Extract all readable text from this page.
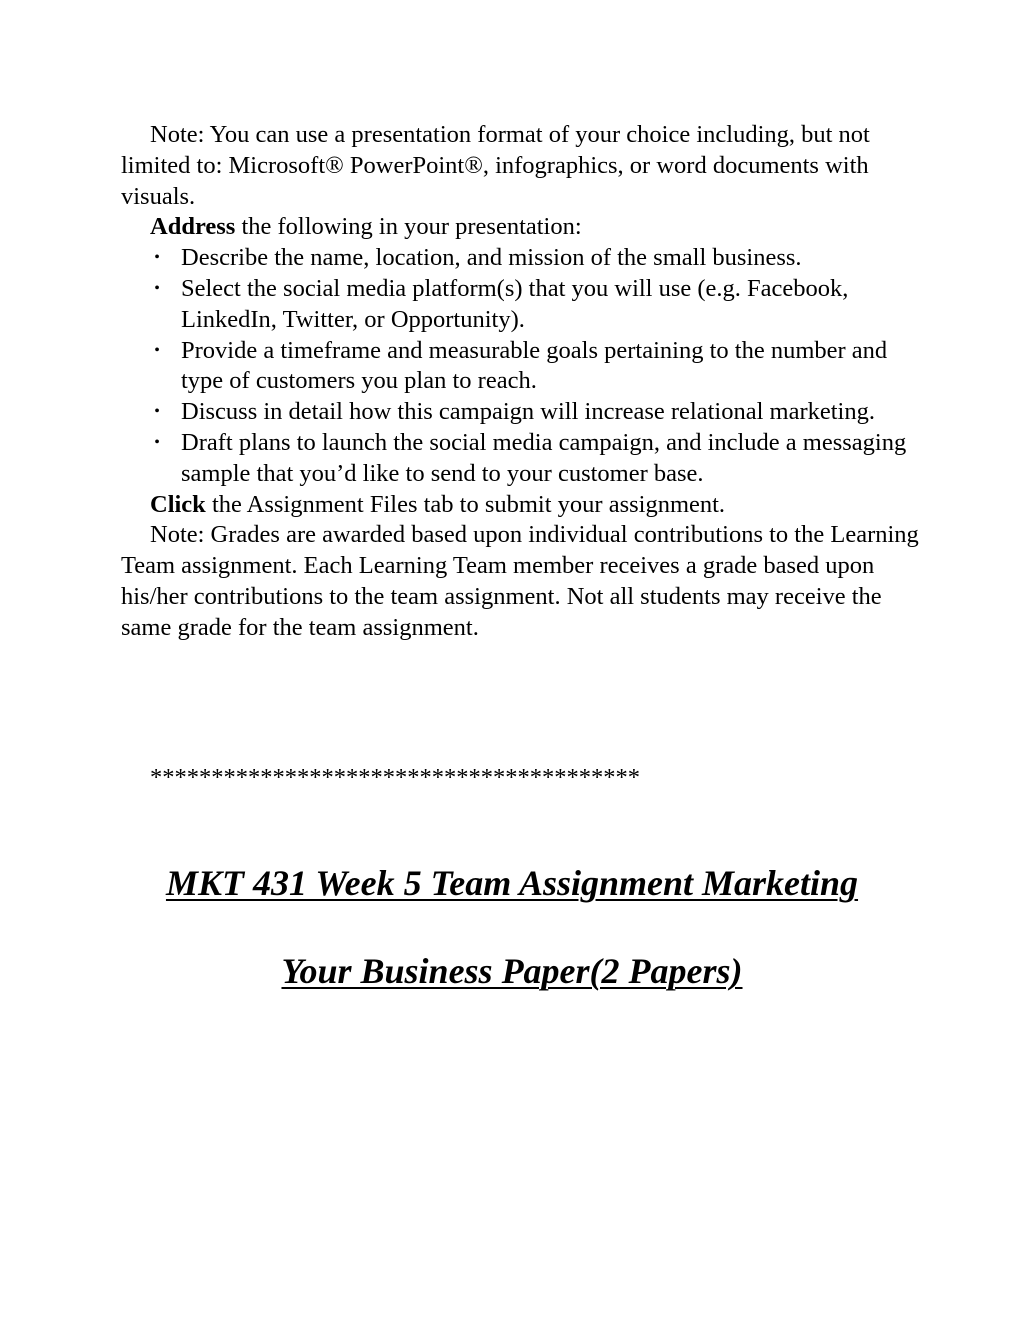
Note: You can use a presentation format of your choice including, but not limited to: Microsoft® PowerPoint®, infographics, or word documents with visuals.

Address the following in your presentation:

• Describe the name, location, and mission of the small business.
• Select the social media platform(s) that you will use (e.g. Facebook, LinkedIn, Twitter, or Opportunity).
• Provide a timeframe and measurable goals pertaining to the number and type of customers you plan to reach.
• Discuss in detail how this campaign will increase relational marketing.
• Draft plans to launch the social media campaign, and include a messaging sample that you’d like to send to your customer base.

Click the Assignment Files tab to submit your assignment.

Note: Grades are awarded based upon individual contributions to the Learning Team assignment. Each Learning Team member receives a grade based upon his/her contributions to the team assignment. Not all students may receive the same grade for the team assignment.

****************************************
MKT 431 Week 5 Team Assignment Marketing
Your Business Paper(2 Papers)
